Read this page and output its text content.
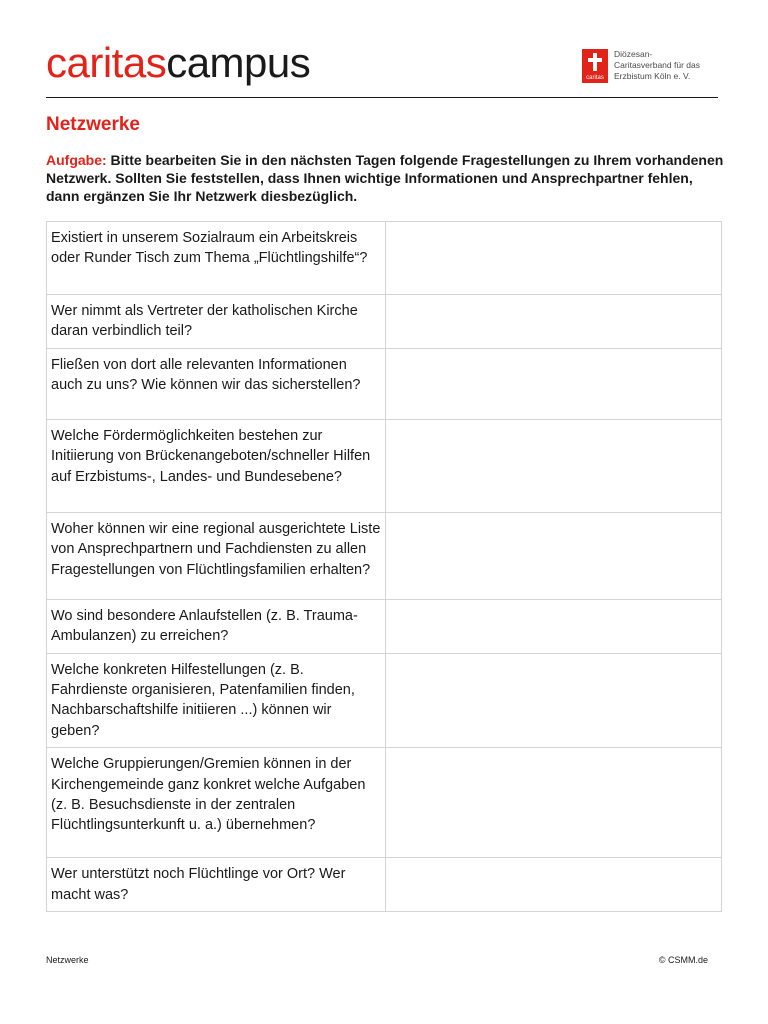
caritascampus	caritas
Diözesan-
Caritasverband für das
Erzbistum Köln e. V.
Netzwerke

Aufgabe: Bitte bearbeiten Sie in den nächsten Tagen folgende Fragestellungen zu Ihrem vorhandenen Netzwerk. Sollten Sie feststellen, dass Ihnen wichtige Informationen und Ansprechpartner fehlen, dann ergänzen Sie Ihr Netzwerk diesbezüglich.

Existiert in unserem Sozialraum ein Arbeitskreis oder Runder Tisch zum Thema „Flüchtlingshilfe“?	
Wer nimmt als Vertreter der katholischen Kirche daran verbindlich teil?	
Fließen von dort alle relevanten Informationen auch zu uns? Wie können wir das sicherstellen?	
Welche Fördermöglichkeiten bestehen zur Initiierung von Brückenangeboten/schneller Hilfen auf Erzbistums-, Landes- und Bundesebene?	
Woher können wir eine regional ausgerichtete Liste von Ansprechpartnern und Fachdiensten zu allen Fragestellungen von Flüchtlingsfamilien erhalten?	
Wo sind besondere Anlaufstellen (z. B. Trauma-Ambulanzen) zu erreichen?	
Welche konkreten Hilfestellungen (z. B. Fahrdienste organisieren, Patenfamilien finden, Nachbarschaftshilfe initiieren ...) können wir geben?	
Welche Gruppierungen/Gremien können in der Kirchengemeinde ganz konkret welche Aufgaben (z. B. Besuchsdienste in der zentralen Flüchtlingsunterkunft u. a.) übernehmen?	
Wer unterstützt noch Flüchtlinge vor Ort? Wer macht was?	
Netzwerke	© CSMM.de
